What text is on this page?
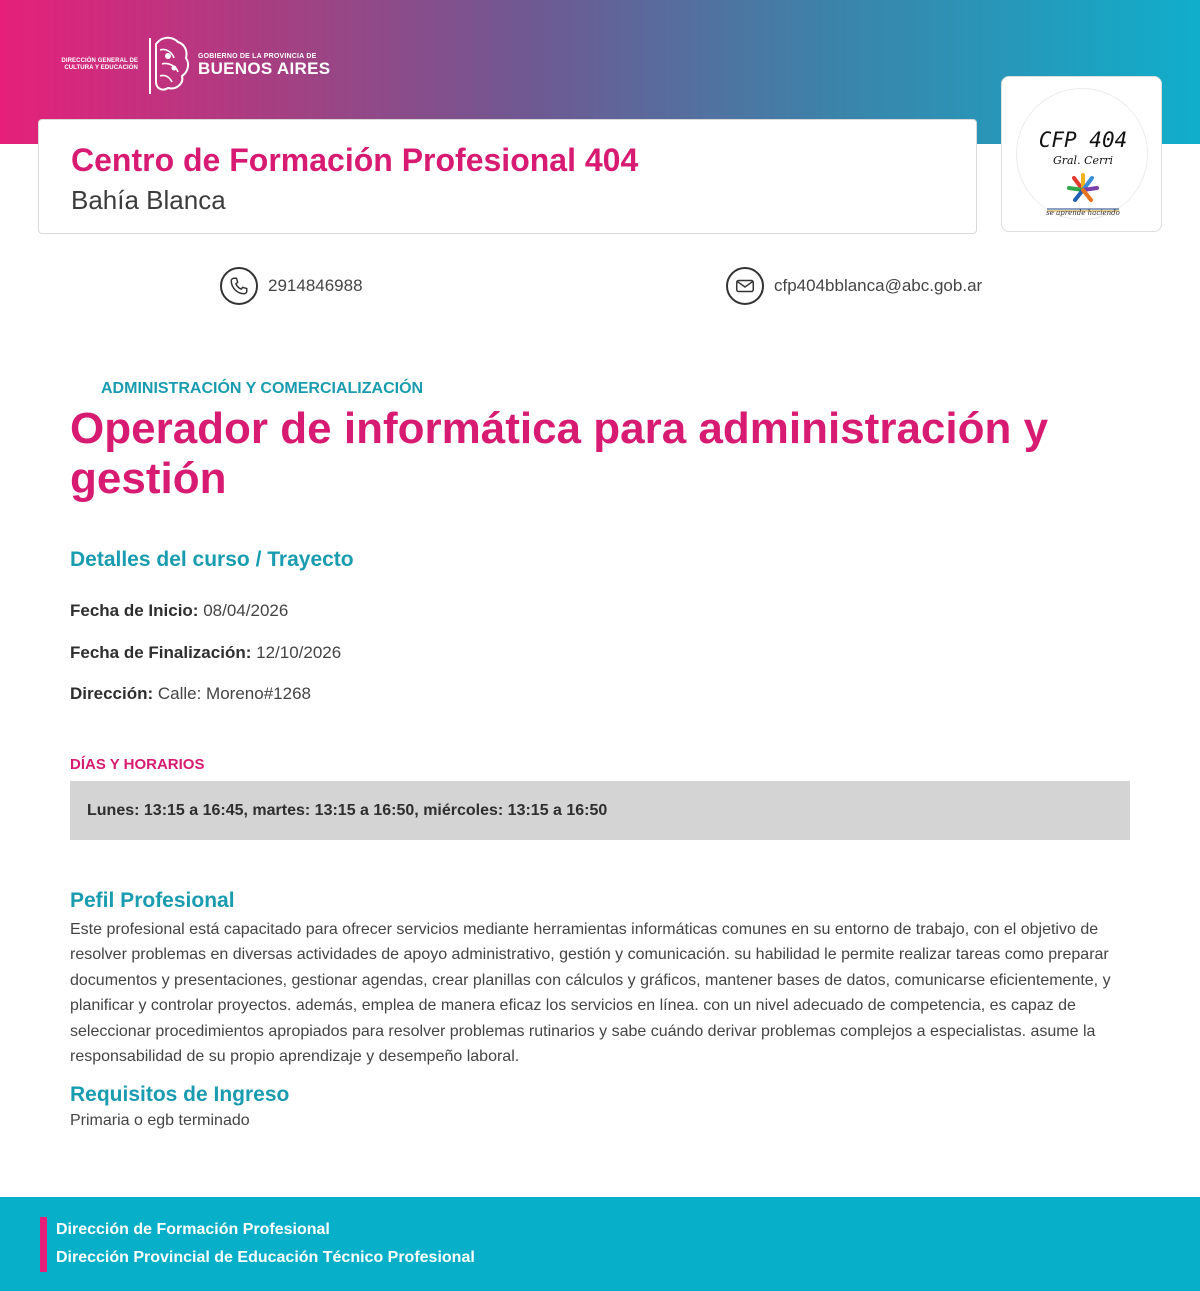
DIRECCIÓN GENERAL DE CULTURA Y EDUCACIÓN
GOBIERNO DE LA PROVINCIA DE
BUENOS AIRES
Centro de Formación Profesional 404
Bahía Blanca
CFP 404
Gral. Cerri
se aprende haciendo
2914846988	cfp404bblanca@abc.gob.ar
ADMINISTRACIÓN Y COMERCIALIZACIÓN
Operador de informática para administración y gestión
Detalles del curso / Trayecto
Fecha de Inicio: 08/04/2026
Fecha de Finalización: 12/10/2026
Dirección: Calle: Moreno#1268
DÍAS Y HORARIOS
Lunes: 13:15 a 16:45, martes: 13:15 a 16:50, miércoles: 13:15 a 16:50
Pefil Profesional
Este profesional está capacitado para ofrecer servicios mediante herramientas informáticas comunes en su entorno de trabajo, con el objetivo de resolver problemas en diversas actividades de apoyo administrativo, gestión y comunicación. su habilidad le permite realizar tareas como preparar documentos y presentaciones, gestionar agendas, crear planillas con cálculos y gráficos, mantener bases de datos, comunicarse eficientemente, y planificar y controlar proyectos. además, emplea de manera eficaz los servicios en línea. con un nivel adecuado de competencia, es capaz de seleccionar procedimientos apropiados para resolver problemas rutinarios y sabe cuándo derivar problemas complejos a especialistas. asume la responsabilidad de su propio aprendizaje y desempeño laboral.
Requisitos de Ingreso
Primaria o egb terminado
Dirección de Formación Profesional
Dirección Provincial de Educación Técnico Profesional
